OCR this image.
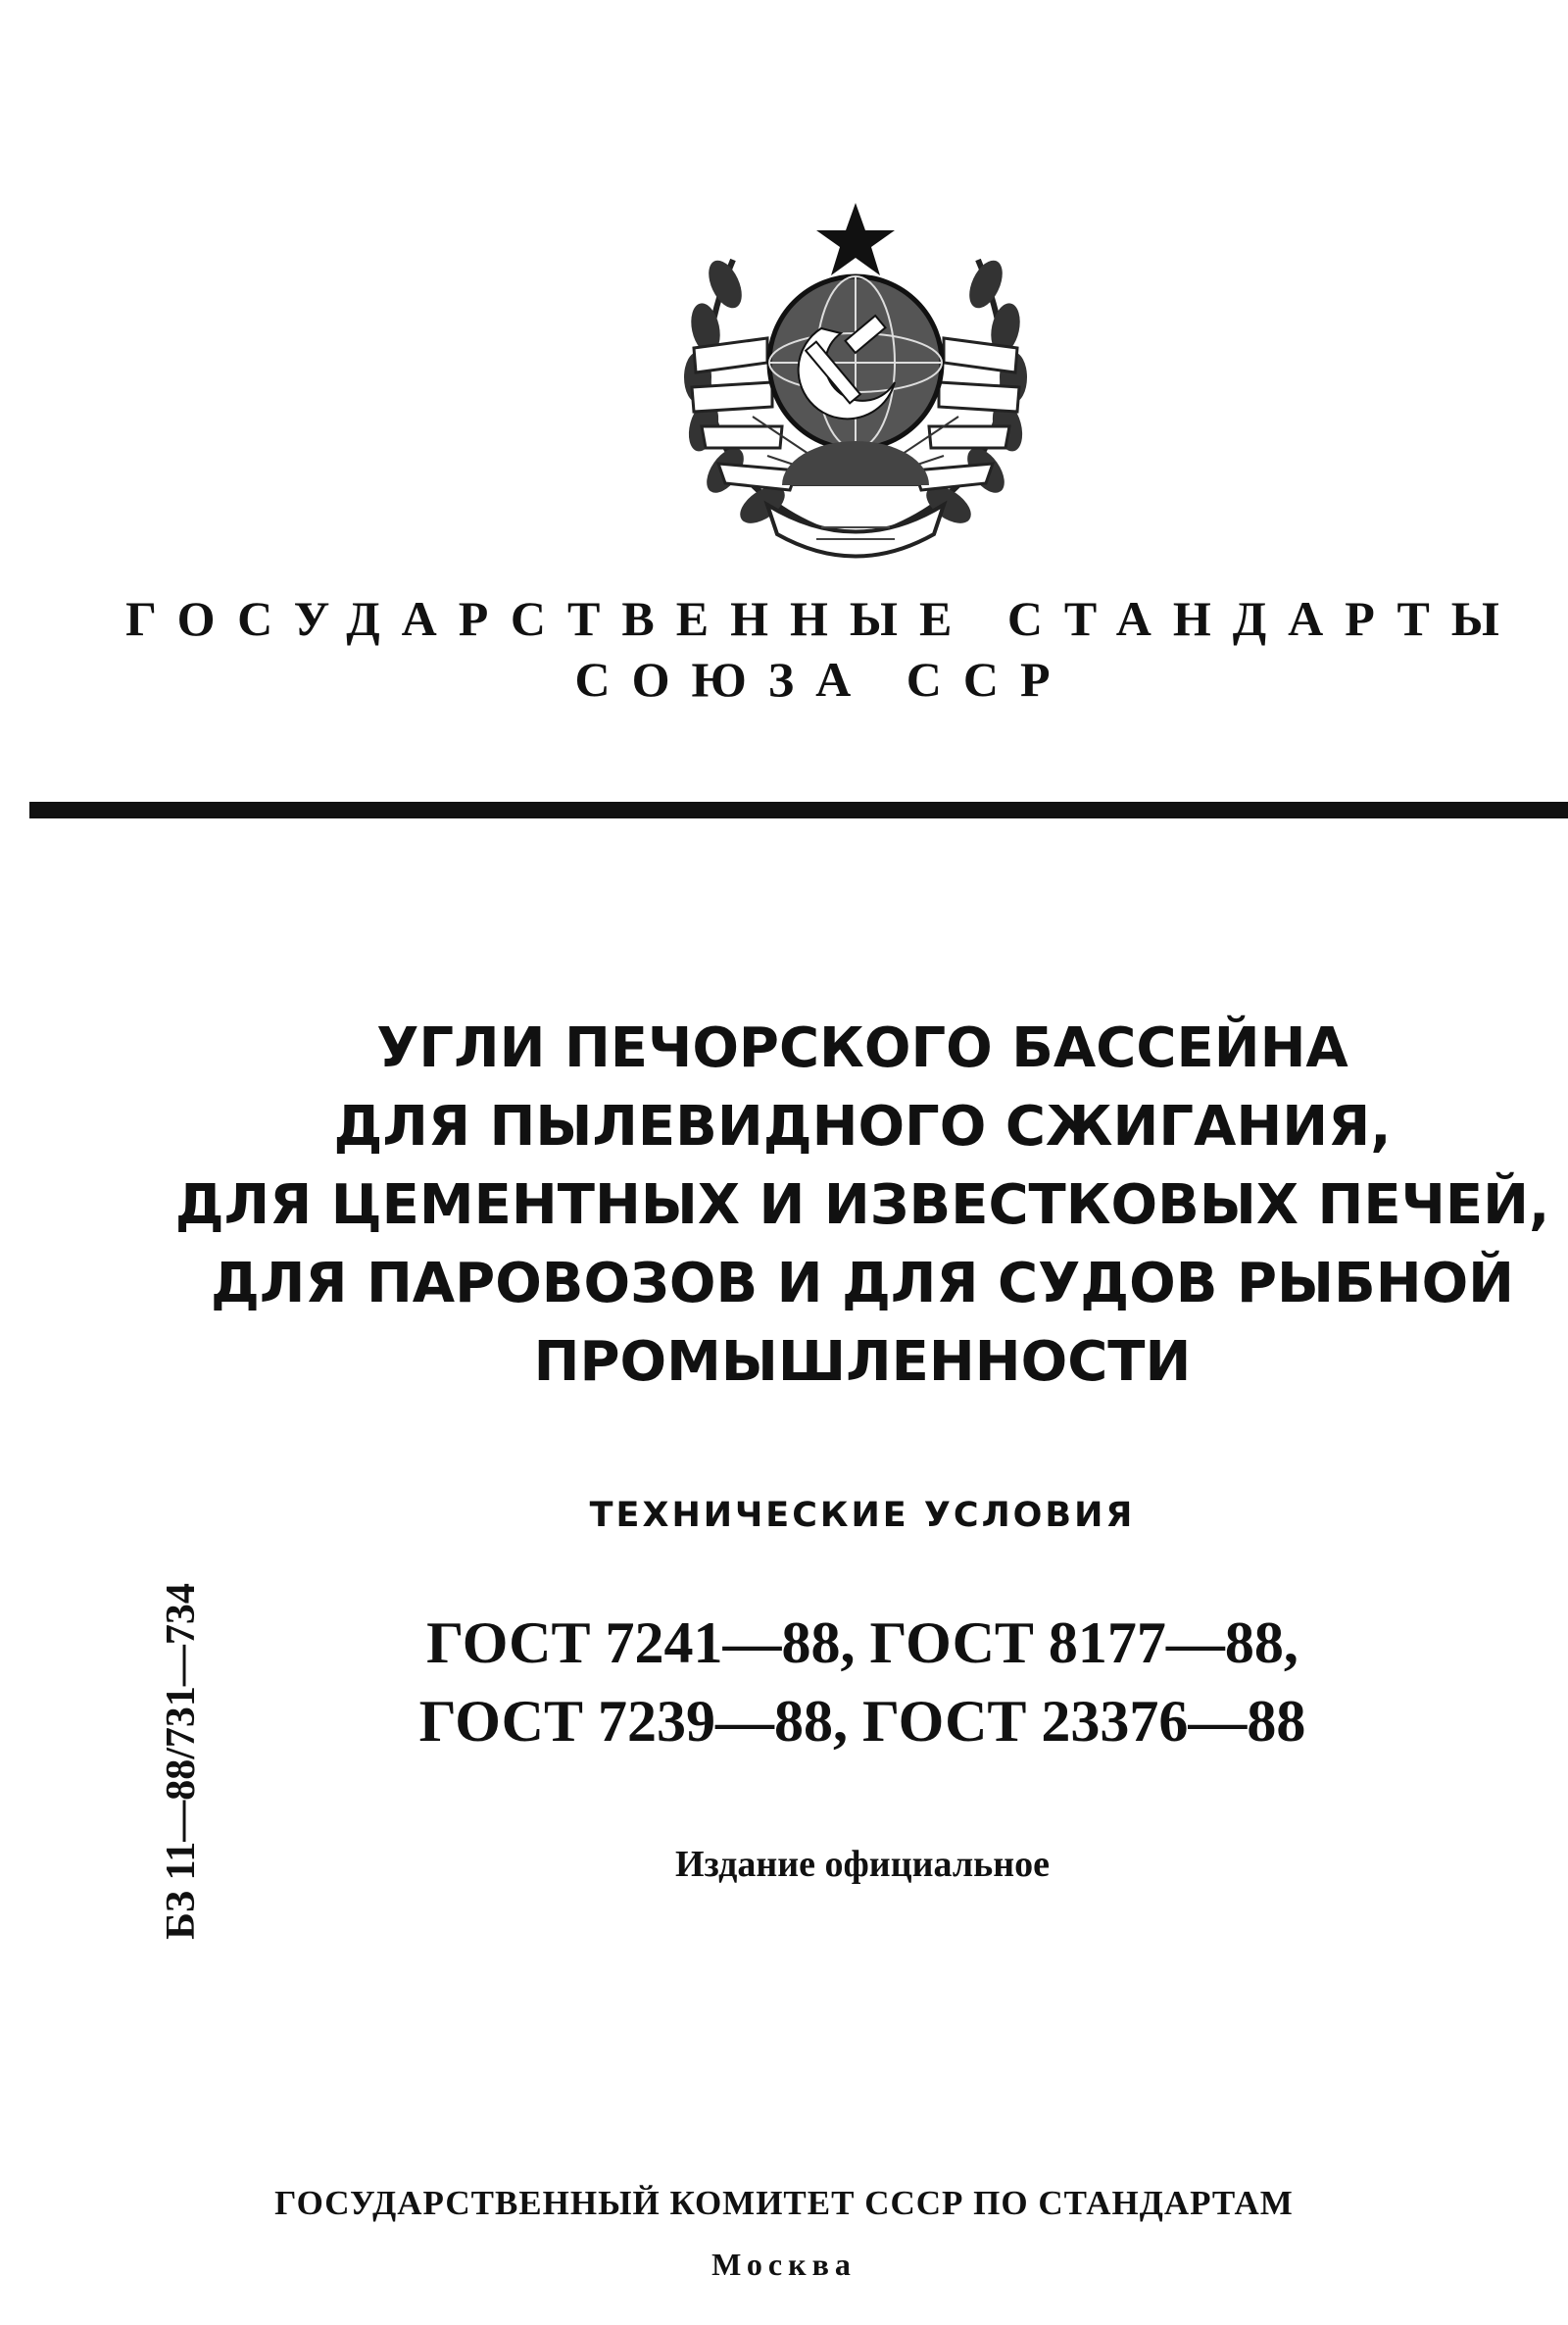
ГОСУДАРСТВЕННЫЕ СТАНДАРТЫ
СОЮЗА ССР
УГЛИ ПЕЧОРСКОГО БАССЕЙНА
ДЛЯ ПЫЛЕВИДНОГО СЖИГАНИЯ,
ДЛЯ ЦЕМЕНТНЫХ И ИЗВЕСТКОВЫХ ПЕЧЕЙ,
ДЛЯ ПАРОВОЗОВ И ДЛЯ СУДОВ РЫБНОЙ
ПРОМЫШЛЕННОСТИ
ТЕХНИЧЕСКИЕ УСЛОВИЯ
ГОСТ 7241—88, ГОСТ 8177—88,
ГОСТ 7239—88, ГОСТ 23376—88
Издание официальное
БЗ 11—88/731—734
ГОСУДАРСТВЕННЫЙ КОМИТЕТ СССР ПО СТАНДАРТАМ
Москва
